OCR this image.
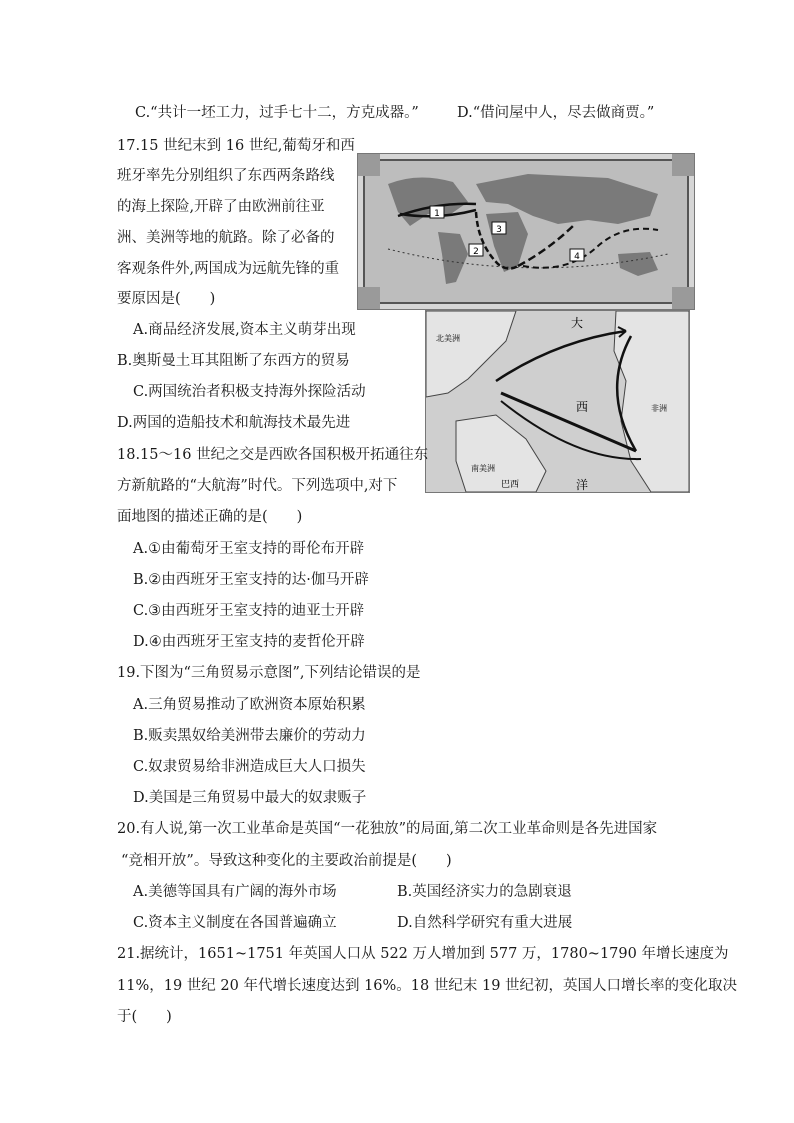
C.“共计一坯工力，过手七十二，方克成器。”	D.“借问屋中人，尽去做商贾。”
17.15 世纪末到 16 世纪,葡萄牙和西
班牙率先分别组织了东西两条路线
的海上探险,开辟了由欧洲前往亚
洲、美洲等地的航路。除了必备的
客观条件外,两国成为远航先锋的重
要原因是(　　)
1
2
3
4
A.商品经济发展,资本主义萌芽出现
B.奥斯曼土耳其阻断了东西方的贸易
C.两国统治者积极支持海外探险活动
D.两国的造船技术和航海技术最先进
大
西
洋
北美洲
非洲
南美洲
巴西
18.15～16 世纪之交是西欧各国积极开拓通往东
方新航路的“大航海”时代。下列选项中,对下
面地图的描述正确的是(　　)
A.①由葡萄牙王室支持的哥伦布开辟
B.②由西班牙王室支持的达·伽马开辟
C.③由西班牙王室支持的迪亚士开辟
D.④由西班牙王室支持的麦哲伦开辟
19.下图为“三角贸易示意图”,下列结论错误的是
A.三角贸易推动了欧洲资本原始积累
B.贩卖黑奴给美洲带去廉价的劳动力
C.奴隶贸易给非洲造成巨大人口损失
D.美国是三角贸易中最大的奴隶贩子
20.有人说,第一次工业革命是英国“一花独放”的局面,第二次工业革命则是各先进国家
“竞相开放”。导致这种变化的主要政治前提是(　　)
A.美德等国具有广阔的海外市场	B.英国经济实力的急剧衰退
C.资本主义制度在各国普遍确立	D.自然科学研究有重大进展
21.据统计，1651~1751 年英国人口从 522 万人增加到 577 万，1780~1790 年增长速度为
11%，19 世纪 20 年代增长速度达到 16%。18 世纪末 19 世纪初，英国人口增长率的变化取决
于(　　)
